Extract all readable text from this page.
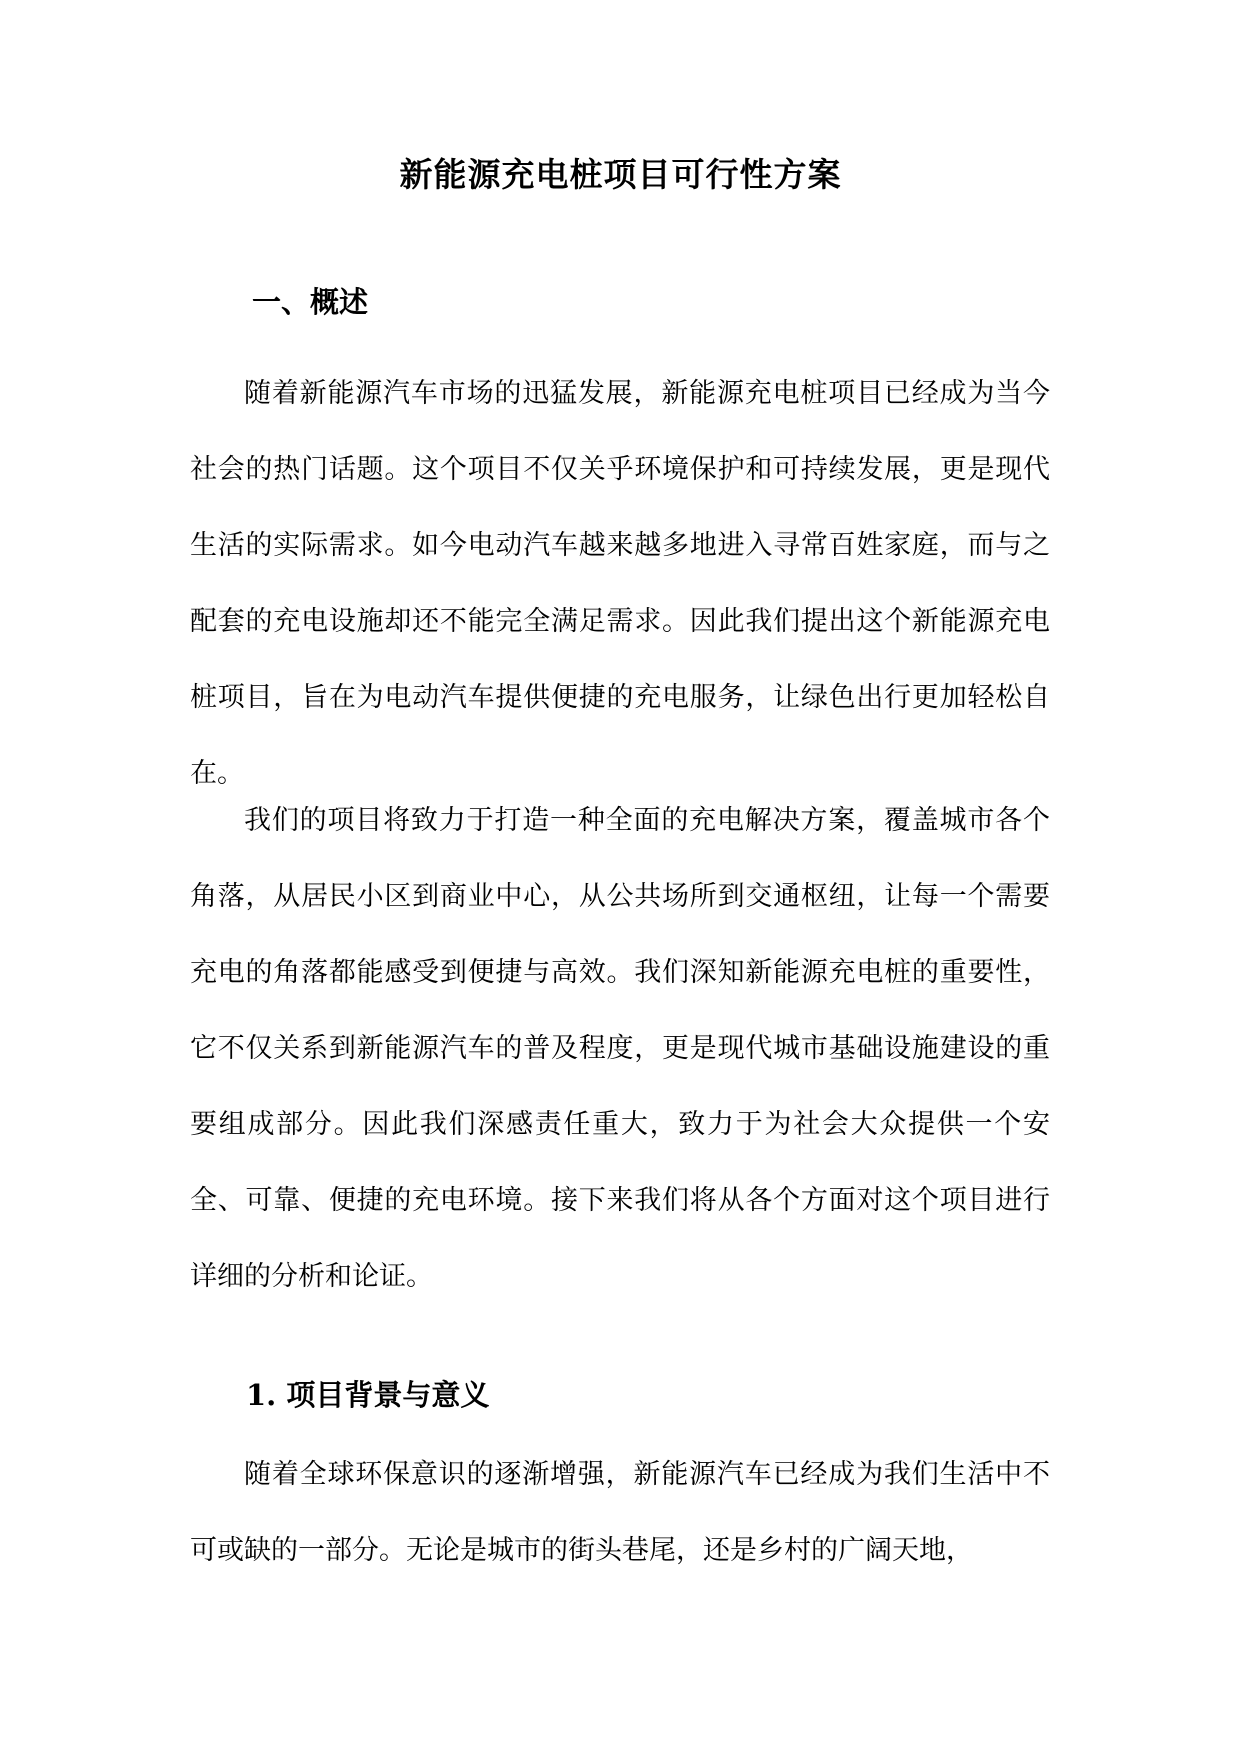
新能源充电桩项目可行性方案
一、概述

随着新能源汽车市场的迅猛发展，新能源充电桩项目已经成为当今社会的热门话题。这个项目不仅关乎环境保护和可持续发展，更是现代生活的实际需求。如今电动汽车越来越多地进入寻常百姓家庭，而与之配套的充电设施却还不能完全满足需求。因此我们提出这个新能源充电桩项目，旨在为电动汽车提供便捷的充电服务，让绿色出行更加轻松自在。

我们的项目将致力于打造一种全面的充电解决方案，覆盖城市各个角落，从居民小区到商业中心，从公共场所到交通枢纽，让每一个需要充电的角落都能感受到便捷与高效。我们深知新能源充电桩的重要性，它不仅关系到新能源汽车的普及程度，更是现代城市基础设施建设的重要组成部分。因此我们深感责任重大，致力于为社会大众提供一个安全、可靠、便捷的充电环境。接下来我们将从各个方面对这个项目进行详细的分析和论证。

1. 项目背景与意义

随着全球环保意识的逐渐增强，新能源汽车已经成为我们生活中不可或缺的一部分。无论是城市的街头巷尾，还是乡村的广阔天地，
